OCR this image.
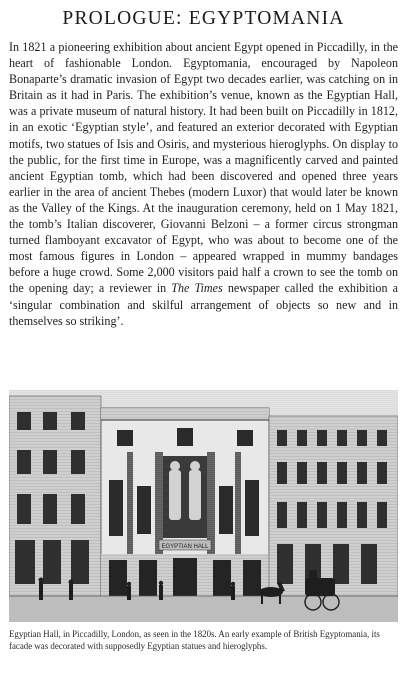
PROLOGUE: EGYPTOMANIA

In 1821 a pioneering exhibition about ancient Egypt opened in Piccadilly, in the heart of fashionable London. Egyptomania, encouraged by Napoleon Bonaparte’s dramatic invasion of Egypt two decades earlier, was catching on in Britain as it had in Paris. The exhibition’s venue, known as the Egyptian Hall, was a private museum of natural history. It had been built on Piccadilly in 1812, in an exotic ‘Egyptian style’, and featured an exterior decorated with Egyptian motifs, two statues of Isis and Osiris, and mysterious hieroglyphs. On display to the public, for the first time in Europe, was a magnificently carved and painted ancient Egyptian tomb, which had been discovered and opened three years earlier in the area of ancient Thebes (modern Luxor) that would later be known as the Valley of the Kings. At the inauguration ceremony, held on 1 May 1821, the tomb’s Italian discoverer, Giovanni Belzoni – a former circus strongman turned flamboyant excavator of Egypt, who was about to become one of the most famous figures in London – appeared wrapped in mummy bandages before a huge crowd. Some 2,000 visitors paid half a crown to see the tomb on the opening day; a reviewer in The Times newspaper called the exhibition a ‘singular combination and skilful arrangement of objects so new and in themselves so striking’.

EGYPTIAN HALL
Egyptian Hall, in Piccadilly, London, as seen in the 1820s. An early example of British Egyptomania, its facade was decorated with supposedly Egyptian statues and hieroglyphs.
